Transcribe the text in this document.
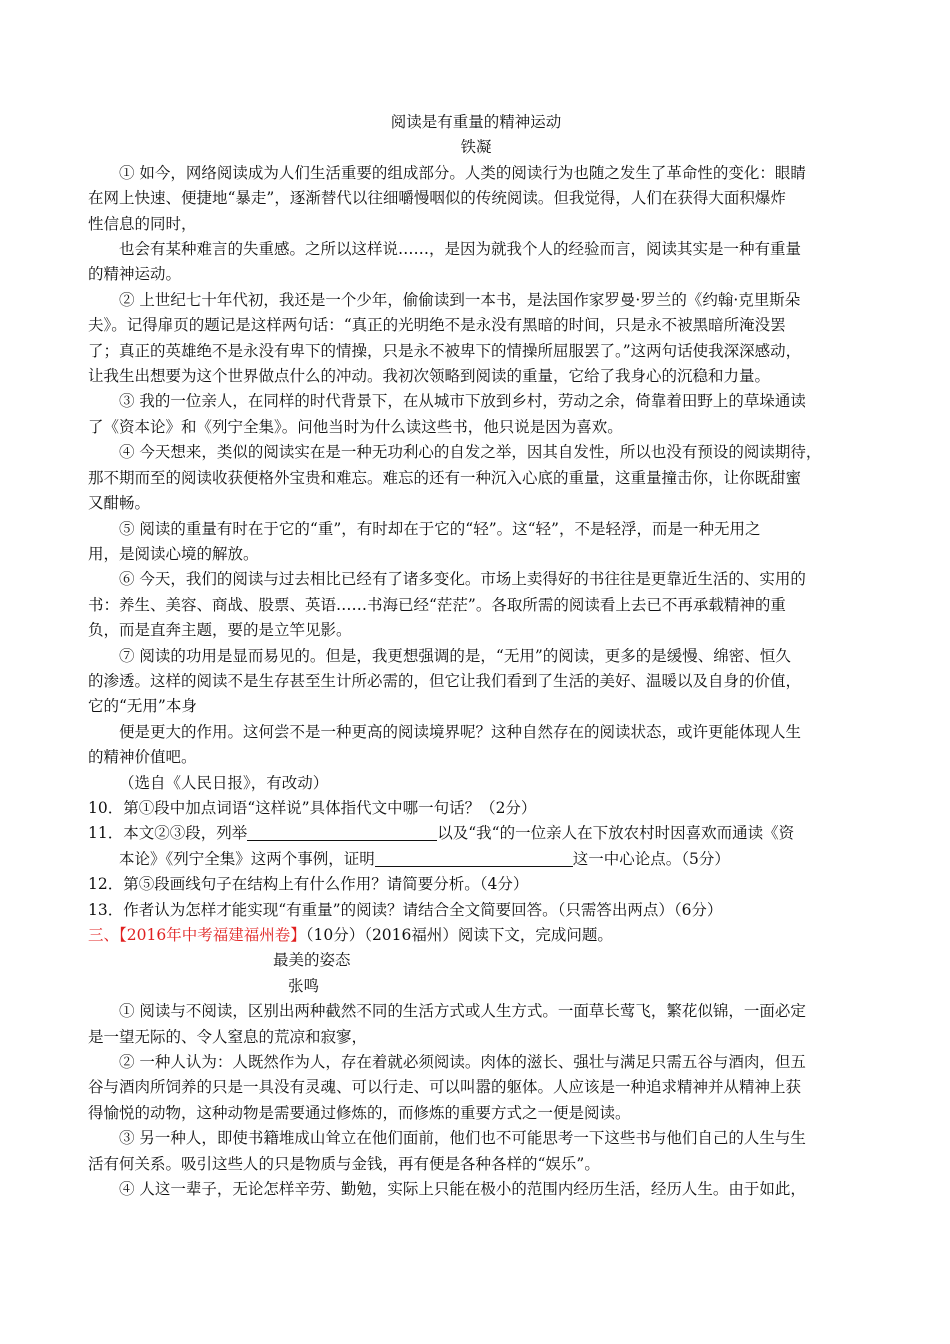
阅读是有重量的精神运动
铁凝
① 如今，网络阅读成为人们生活重要的组成部分。人类的阅读行为也随之发生了革命性的变化：眼睛
在网上快速、便捷地“暴走”，逐渐替代以往细嚼慢咽似的传统阅读。但我觉得，人们在获得大面积爆炸
性信息的同时，
也会有某种难言的失重感。之所以这样说……，是因为就我个人的经验而言，阅读其实是一种有重量
的精神运动。
② 上世纪七十年代初，我还是一个少年，偷偷读到一本书，是法国作家罗曼·罗兰的《约翰·克里斯朵
夫》。记得扉页的题记是这样两句话：“真正的光明绝不是永没有黑暗的时间，只是永不被黑暗所淹没罢
了；真正的英雄绝不是永没有卑下的情操，只是永不被卑下的情操所屈服罢了。”这两句话使我深深感动，
让我生出想要为这个世界做点什么的冲动。我初次领略到阅读的重量，它给了我身心的沉稳和力量。
③ 我的一位亲人，在同样的时代背景下，在从城市下放到乡村，劳动之余，倚靠着田野上的草垛通读
了《资本论》和《列宁全集》。问他当时为什么读这些书，他只说是因为喜欢。
④ 今天想来，类似的阅读实在是一种无功利心的自发之举，因其自发性，所以也没有预设的阅读期待，
那不期而至的阅读收获便格外宝贵和难忘。难忘的还有一种沉入心底的重量，这重量撞击你，让你既甜蜜
又酣畅。
⑤ 阅读的重量有时在于它的“重”，有时却在于它的“轻”。这“轻”，不是轻浮，而是一种无用之
用，是阅读心境的解放。
⑥ 今天，我们的阅读与过去相比已经有了诸多变化。市场上卖得好的书往往是更靠近生活的、实用的
书：养生、美容、商战、股票、英语……书海已经“茫茫”。各取所需的阅读看上去已不再承载精神的重
负，而是直奔主题，要的是立竿见影。
⑦ 阅读的功用是显而易见的。但是，我更想强调的是，“无用”的阅读，更多的是缓慢、绵密、恒久
的渗透。这样的阅读不是生存甚至生计所必需的，但它让我们看到了生活的美好、温暖以及自身的价值，
它的“无用”本身
便是更大的作用。这何尝不是一种更高的阅读境界呢？这种自然存在的阅读状态，或许更能体现人生
的精神价值吧。
（选自《人民日报》，有改动）
10．第①段中加点词语“这样说”具体指代文中哪一句话？（2分）
11．本文②③段，列举	以及“我“的一位亲人在下放农村时因喜欢而通读《资
本论》《列宁全集》这两个事例，证明	这一中心论点。（5分）
12．第⑤段画线句子在结构上有什么作用？请简要分析。（4分）
13．作者认为怎样才能实现“有重量”的阅读？请结合全文简要回答。（只需答出两点）（6分）
三、【2016年中考福建福州卷】（10分）（2016福州）阅读下文，完成问题。
最美的姿态
张鸣
① 阅读与不阅读，区别出两种截然不同的生活方式或人生方式。一面草长莺飞，繁花似锦，一面必定
是一望无际的、令人窒息的荒凉和寂寥，
② 一种人认为：人既然作为人，存在着就必须阅读。肉体的滋长、强壮与满足只需五谷与酒肉，但五
谷与酒肉所饲养的只是一具没有灵魂、可以行走、可以叫嚣的躯体。人应该是一种追求精神并从精神上获
得愉悦的动物，这种动物是需要通过修炼的，而修炼的重要方式之一便是阅读。
③ 另一种人，即使书籍堆成山耸立在他们面前，他们也不可能思考一下这些书与他们自己的人生与生
活有何关系。吸引这些人的只是物质与金钱，再有便是各种各样的“娱乐”。
④ 人这一辈子，无论怎样辛劳、勤勉，实际上只能在极小的范围内经历生活，经历人生。由于如此，
